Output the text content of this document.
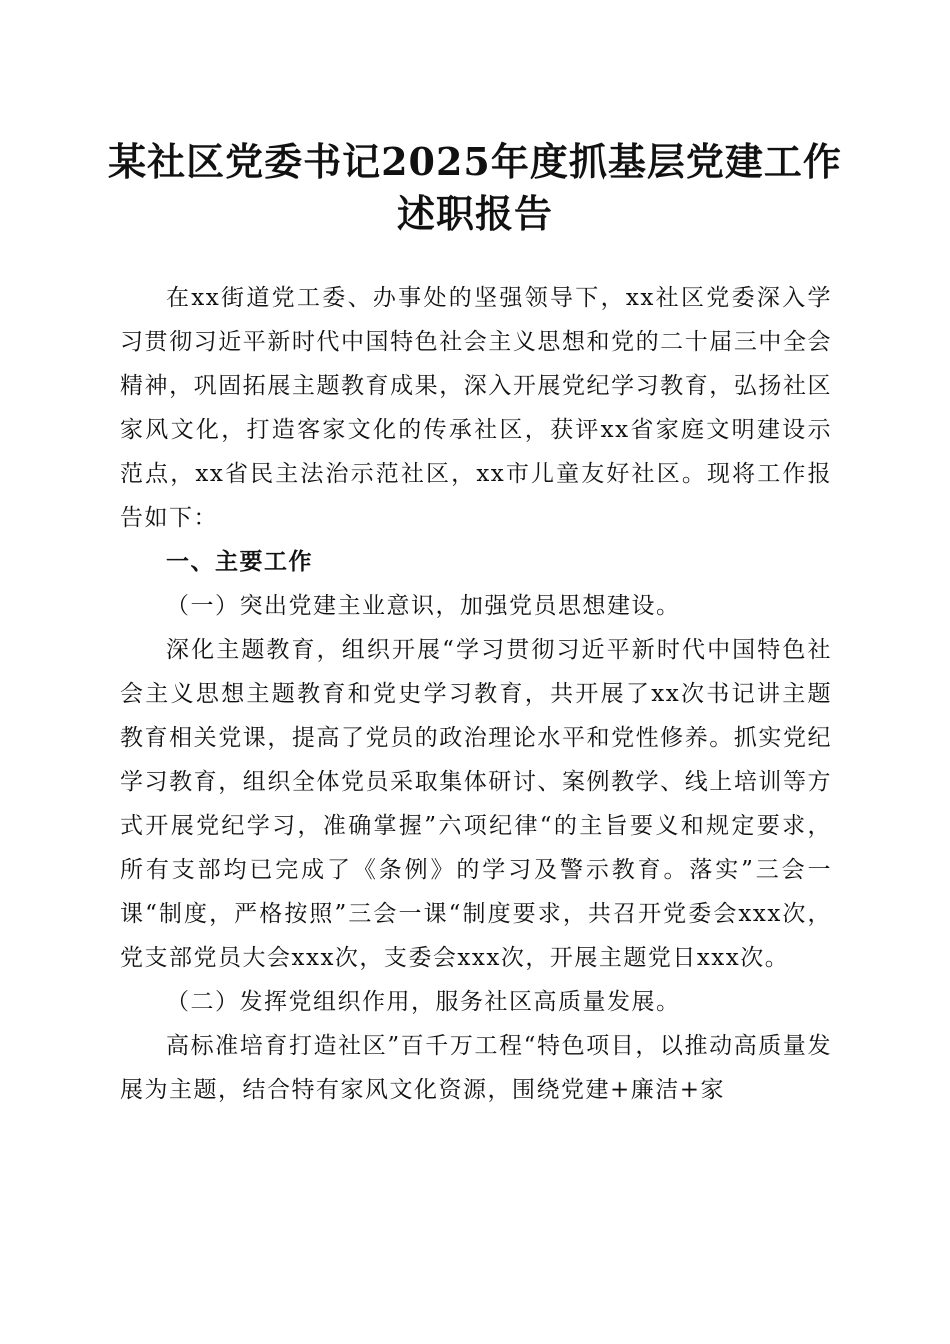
某社区党委书记2025年度抓基层党建工作述职报告

在xx街道党工委、办事处的坚强领导下，xx社区党委深入学习贯彻习近平新时代中国特色社会主义思想和党的二十届三中全会精神，巩固拓展主题教育成果，深入开展党纪学习教育，弘扬社区家风文化，打造客家文化的传承社区，获评xx省家庭文明建设示范点，xx省民主法治示范社区，xx市儿童友好社区。现将工作报告如下：

一、主要工作

（一）突出党建主业意识，加强党员思想建设。

深化主题教育，组织开展“学习贯彻习近平新时代中国特色社会主义思想主题教育和党史学习教育，共开展了xx次书记讲主题教育相关党课，提高了党员的政治理论水平和党性修养。抓实党纪学习教育，组织全体党员采取集体研讨、案例教学、线上培训等方式开展党纪学习，准确掌握”六项纪律“的主旨要义和规定要求，所有支部均已完成了《条例》的学习及警示教育。落实”三会一课“制度，严格按照”三会一课“制度要求，共召开党委会xxx次，党支部党员大会xxx次，支委会xxx次，开展主题党日xxx次。

（二）发挥党组织作用，服务社区高质量发展。

高标准培育打造社区”百千万工程“特色项目，以推动高质量发展为主题，结合特有家风文化资源，围绕党建+廉洁+家
